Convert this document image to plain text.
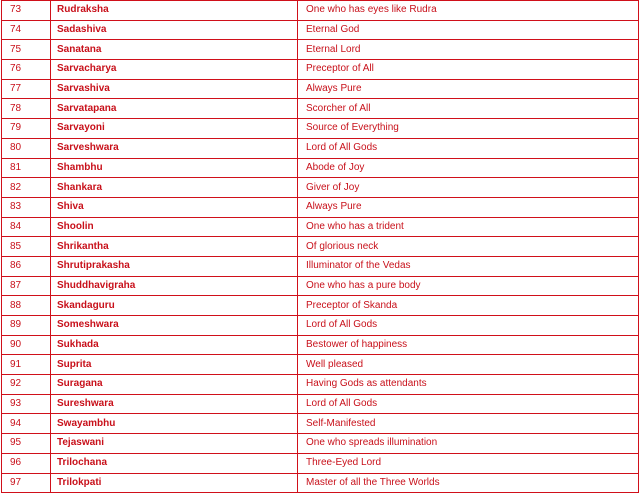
73	Rudraksha	One who has eyes like Rudra
74	Sadashiva	Eternal God
75	Sanatana	Eternal Lord
76	Sarvacharya	Preceptor of All
77	Sarvashiva	Always Pure
78	Sarvatapana	Scorcher of All
79	Sarvayoni	Source of Everything
80	Sarveshwara	Lord of All Gods
81	Shambhu	Abode of Joy
82	Shankara	Giver of Joy
83	Shiva	Always Pure
84	Shoolin	One who has a trident
85	Shrikantha	Of glorious neck
86	Shrutiprakasha	Illuminator of the Vedas
87	Shuddhavigraha	One who has a pure body
88	Skandaguru	Preceptor of Skanda
89	Someshwara	Lord of All Gods
90	Sukhada	Bestower of happiness
91	Suprita	Well pleased
92	Suragana	Having Gods as attendants
93	Sureshwara	Lord of All Gods
94	Swayambhu	Self-Manifested
95	Tejaswani	One who spreads illumination
96	Trilochana	Three-Eyed Lord
97	Trilokpati	Master of all the Three Worlds
